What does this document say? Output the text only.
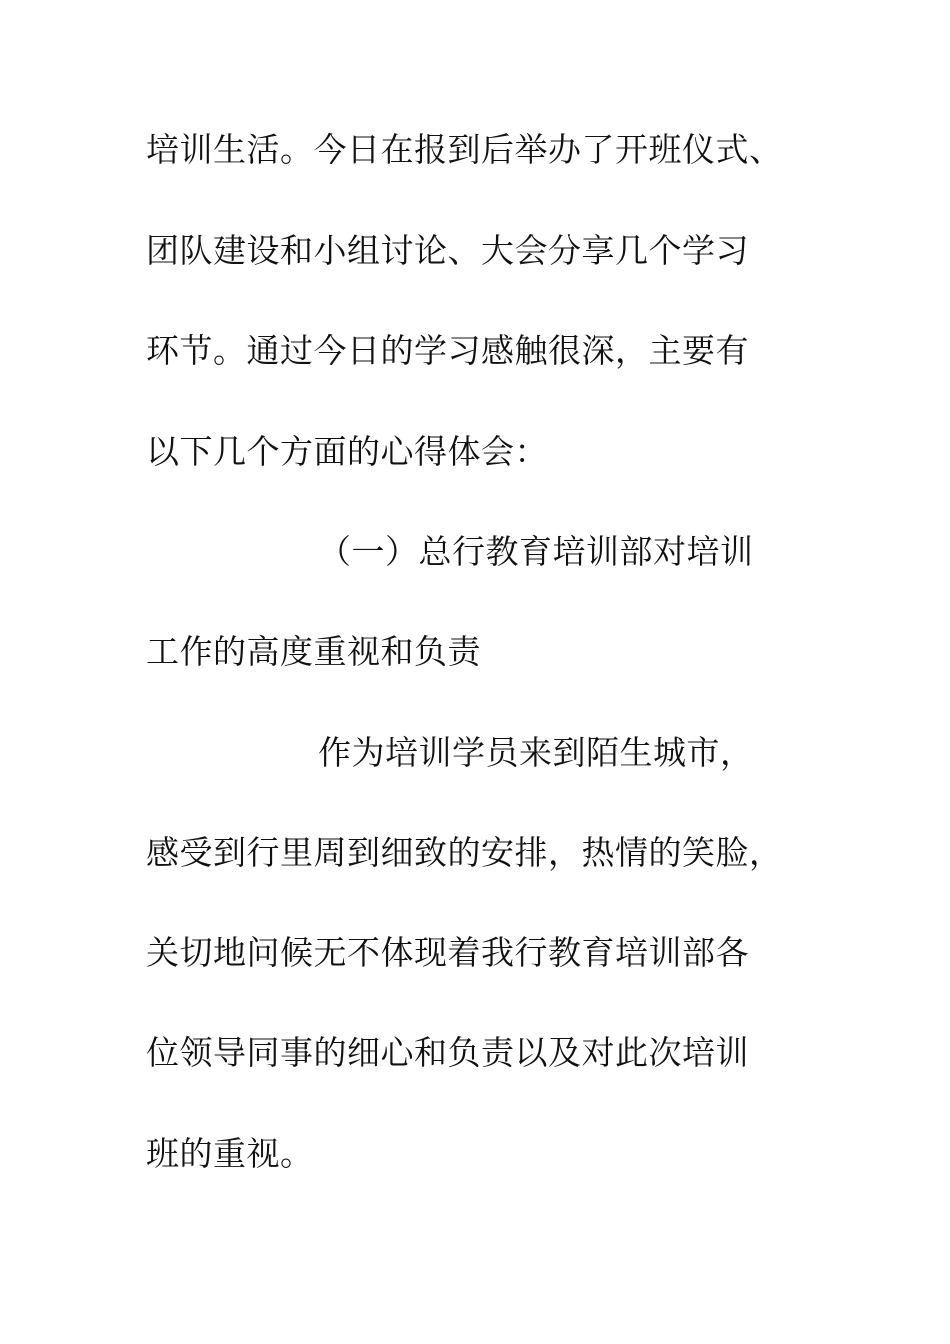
培训生活。今日在报到后举办了开班仪式、
团队建设和小组讨论、大会分享几个学习
环节。通过今日的学习感触很深，主要有
以下几个方面的心得体会：
（一）总行教育培训部对培训
工作的高度重视和负责
作为培训学员来到陌生城市，
感受到行里周到细致的安排，热情的笑脸，
关切地问候无不体现着我行教育培训部各
位领导同事的细心和负责以及对此次培训
班的重视。
